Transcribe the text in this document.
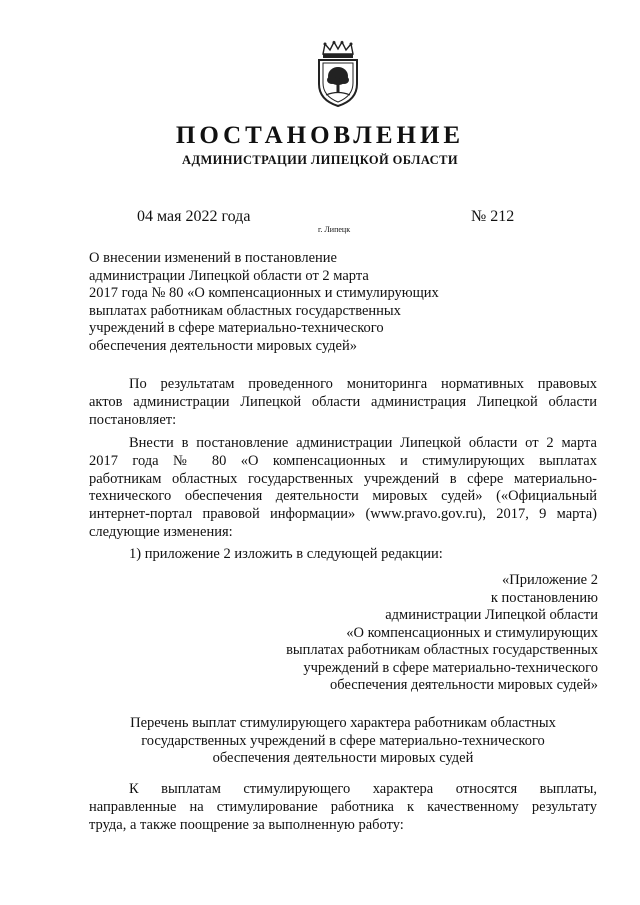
ПОСТАНОВЛЕНИЕ
АДМИНИСТРАЦИИ ЛИПЕЦКОЙ ОБЛАСТИ
04 мая 2022 года
г. Липецк
№ 212
О внесении изменений в постановление
администрации Липецкой области от 2 марта
2017 года № 80 «О компенсационных и стимулирующих
выплатах работникам областных государственных
учреждений в сфере материально-технического
обеспечения деятельности мировых судей»
По результатам проведенного мониторинга нормативных правовых
актов администрации Липецкой области администрация Липецкой области
постановляет:
Внести в постановление администрации Липецкой области от 2 марта
2017 года № 80 «О компенсационных и стимулирующих выплатах
работникам областных государственных учреждений в сфере материально-
технического обеспечения деятельности мировых судей» («Официальный
интернет-портал правовой информации» (www.pravo.gov.ru), 2017, 9 марта)
следующие изменения:
1) приложение 2 изложить в следующей редакции:
«Приложение 2
к постановлению
администрации Липецкой области
«О компенсационных и стимулирующих
выплатах работникам областных государственных
учреждений в сфере материально-технического
обеспечения деятельности мировых судей»
Перечень выплат стимулирующего характера работникам областных
государственных учреждений в сфере материально-технического
обеспечения деятельности мировых судей
К выплатам стимулирующего характера относятся выплаты,
направленные на стимулирование работника к качественному результату
труда, а также поощрение за выполненную работу:
